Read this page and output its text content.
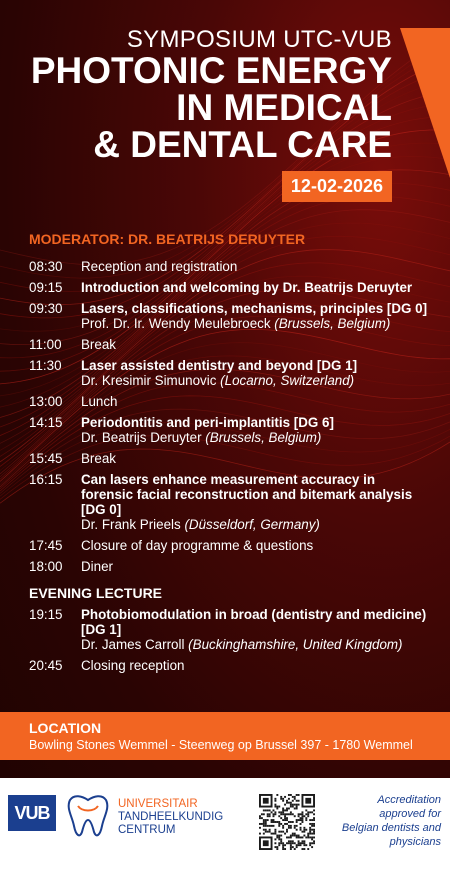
SYMPOSIUM UTC-VUB
PHOTONIC ENERGY
IN MEDICAL
& DENTAL CARE
12-02-2026
MODERATOR: DR. BEATRIJS DERUYTER
08:30	Reception and registration
09:15	Introduction and welcoming by Dr. Beatrijs Deruyter
09:30	Lasers, classifications, mechanisms, principles [DG 0]
Prof. Dr. Ir. Wendy Meulebroeck (Brussels, Belgium)
11:00	Break
11:30	Laser assisted dentistry and beyond [DG 1]
Dr. Kresimir Simunovic (Locarno, Switzerland)
13:00	Lunch
14:15	Periodontitis and peri-implantitis [DG 6]
Dr. Beatrijs Deruyter (Brussels, Belgium)
15:45	Break
16:15	Can lasers enhance measurement accuracy in forensic facial reconstruction and bitemark analysis [DG 0]
Dr. Frank Prieels (Düsseldorf, Germany)
17:45	Closure of day programme & questions
18:00	Diner
EVENING LECTURE
19:15	Photobiomodulation in broad (dentistry and medicine) [DG 1]
Dr. James Carroll (Buckinghamshire, United Kingdom)
20:45	Closing reception
LOCATION
Bowling Stones Wemmel - Steenweg op Brussel 397 - 1780 Wemmel
VUB	UNIVERSITAIR
TANDHEELKUNDIG
CENTRUM
Accreditation approved for Belgian dentists and physicians
